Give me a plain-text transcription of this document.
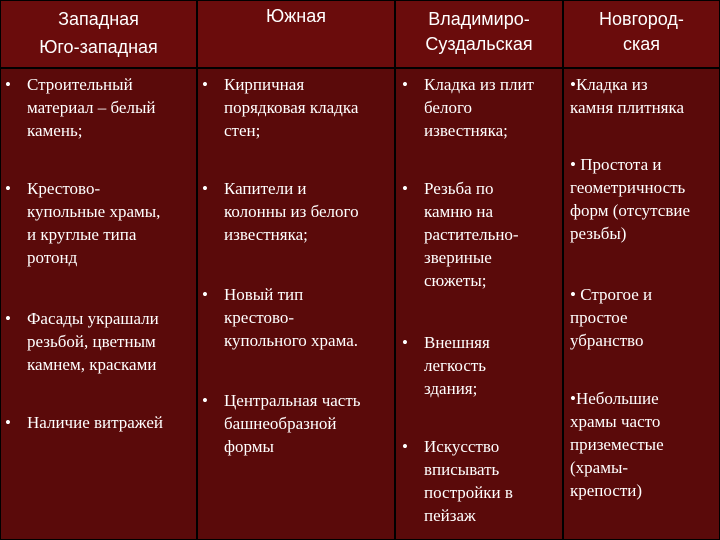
Западная
Юго-западная
Южная	Владимиро-
Суздальская
Новгород-
ская
• Строительный
материал – белый
камень;
• Крестово-
купольные храмы,
и круглые типа
ротонд
• Фасады украшали
резьбой, цветным
камнем, красками
• Наличие витражей
• Кирпичная
порядковая кладка
стен;
• Капители и
колонны из белого
известняка;
• Новый тип
крестово-
купольного храма.
• Центральная часть
башнеобразной
формы
• Кладка из плит
белого
известняка;
• Резьба по
камню на
растительно-
звериные
сюжеты;
• Внешняя
легкость
здания;
• Искусство
вписывать
постройки в
пейзаж
•Кладка из
камня плитняка
• Простота и
геометричность
форм (отсутсвие
резьбы)
• Строгое и
простое
убранство
•Небольшие
храмы часто
приземестые
(храмы-
крепости)
